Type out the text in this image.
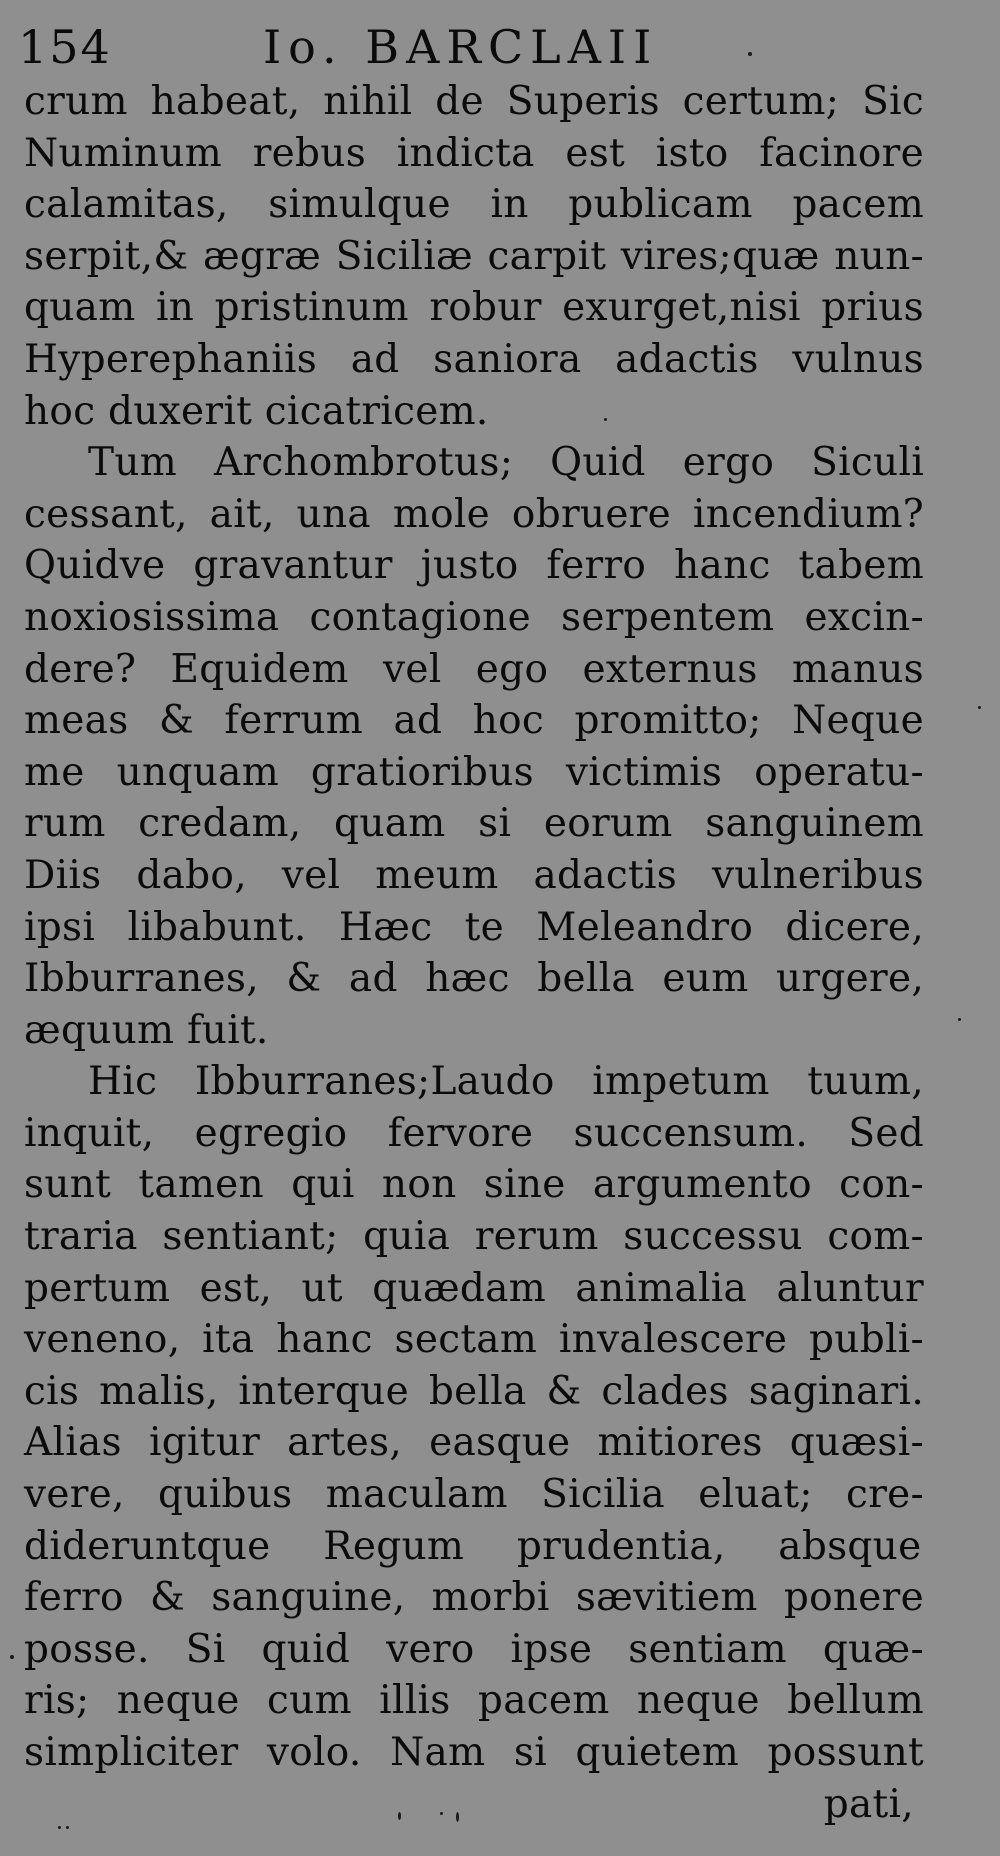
154	Io. BARCLAII
crum habeat, nihil de Superis certum; Sic
Numinum rebus indicta est isto facinore
calamitas, simulque in publicam pacem
serpit,& ægræ Siciliæ carpit vires;quæ nun-
quam in pristinum robur exurget,nisi prius
Hyperephaniis ad saniora adactis vulnus
hoc duxerit cicatricem.
Tum Archombrotus; Quid ergo Siculi
cessant, ait, una mole obruere incendium?
Quidve gravantur justo ferro hanc tabem
noxiosissima contagione serpentem excin-
dere? Equidem vel ego externus manus
meas & ferrum ad hoc promitto; Neque
me unquam gratioribus victimis operatu-
rum credam, quam si eorum sanguinem
Diis dabo, vel meum adactis vulneribus
ipsi libabunt. Hæc te Meleandro dicere,
Ibburranes, & ad hæc bella eum urgere,
æquum fuit.
Hic Ibburranes;Laudo impetum tuum,
inquit, egregio fervore succensum. Sed
sunt tamen qui non sine argumento con-
traria sentiant; quia rerum successu com-
pertum est, ut quædam animalia aluntur
veneno, ita hanc sectam invalescere publi-
cis malis, interque bella & clades saginari.
Alias igitur artes, easque mitiores quæsi-
vere, quibus maculam Sicilia eluat; cre-
dideruntque Regum prudentia, absque
ferro & sanguine, morbi sævitiem ponere
posse. Si quid vero ipse sentiam quæ-
ris; neque cum illis pacem neque bellum
simpliciter volo. Nam si quietem possunt
pati,
